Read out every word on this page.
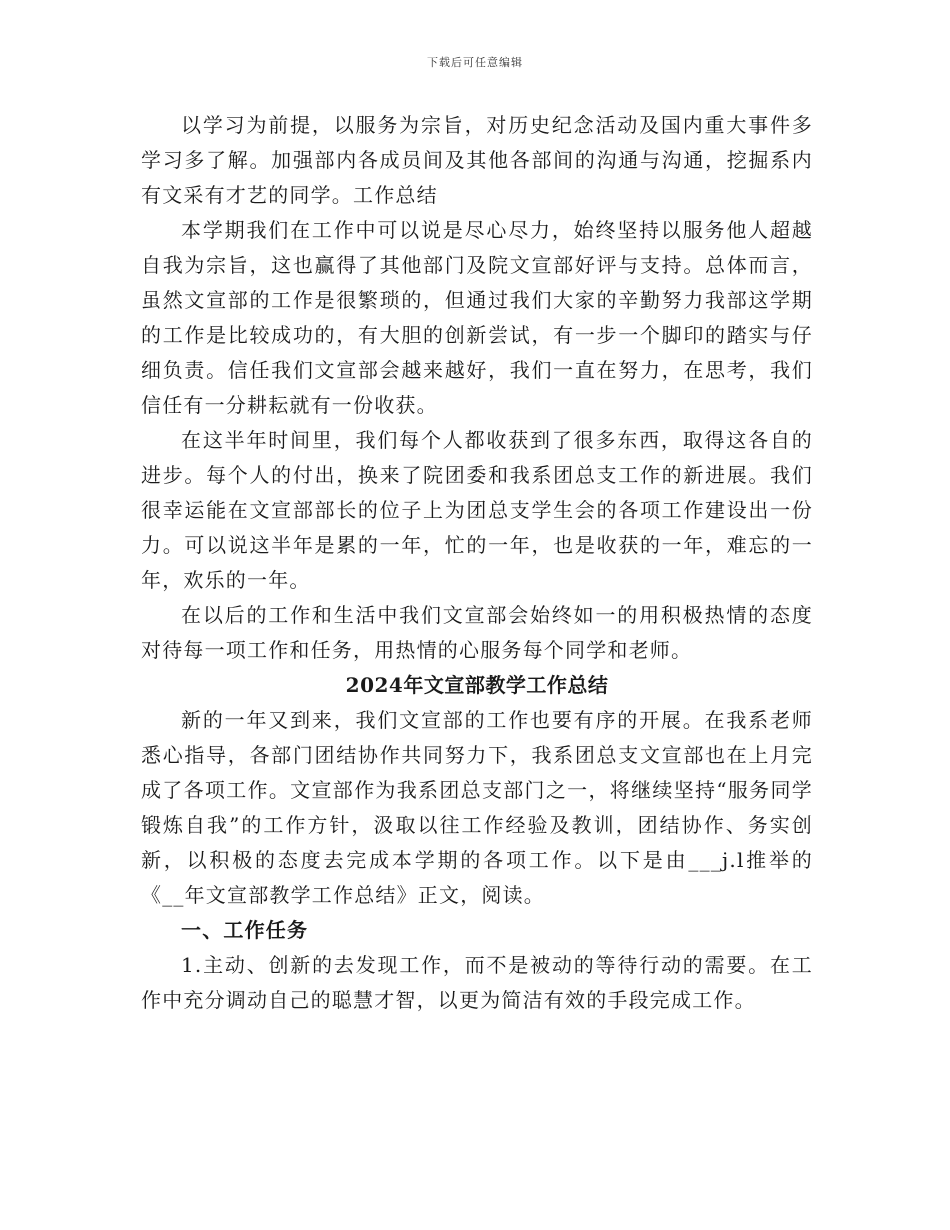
下载后可任意编辑

以学习为前提，以服务为宗旨，对历史纪念活动及国内重大事件多学习多了解。加强部内各成员间及其他各部间的沟通与沟通，挖掘系内有文采有才艺的同学。工作总结

本学期我们在工作中可以说是尽心尽力，始终坚持以服务他人超越自我为宗旨，这也赢得了其他部门及院文宣部好评与支持。总体而言，虽然文宣部的工作是很繁琐的，但通过我们大家的辛勤努力我部这学期的工作是比较成功的，有大胆的创新尝试，有一步一个脚印的踏实与仔细负责。信任我们文宣部会越来越好，我们一直在努力，在思考，我们信任有一分耕耘就有一份收获。

在这半年时间里，我们每个人都收获到了很多东西，取得这各自的进步。每个人的付出，换来了院团委和我系团总支工作的新进展。我们很幸运能在文宣部部长的位子上为团总支学生会的各项工作建设出一份力。可以说这半年是累的一年，忙的一年，也是收获的一年，难忘的一年，欢乐的一年。

在以后的工作和生活中我们文宣部会始终如一的用积极热情的态度对待每一项工作和任务，用热情的心服务每个同学和老师。

2024年文宣部教学工作总结

新的一年又到来，我们文宣部的工作也要有序的开展。在我系老师悉心指导，各部门团结协作共同努力下，我系团总支文宣部也在上月完成了各项工作。文宣部作为我系团总支部门之一，将继续坚持“服务同学锻炼自我”的工作方针，汲取以往工作经验及教训，团结协作、务实创新，以积极的态度去完成本学期的各项工作。以下是由___j.l推举的《__年文宣部教学工作总结》正文，阅读。

一、工作任务

1.主动、创新的去发现工作，而不是被动的等待行动的需要。在工作中充分调动自己的聪慧才智，以更为简洁有效的手段完成工作。
